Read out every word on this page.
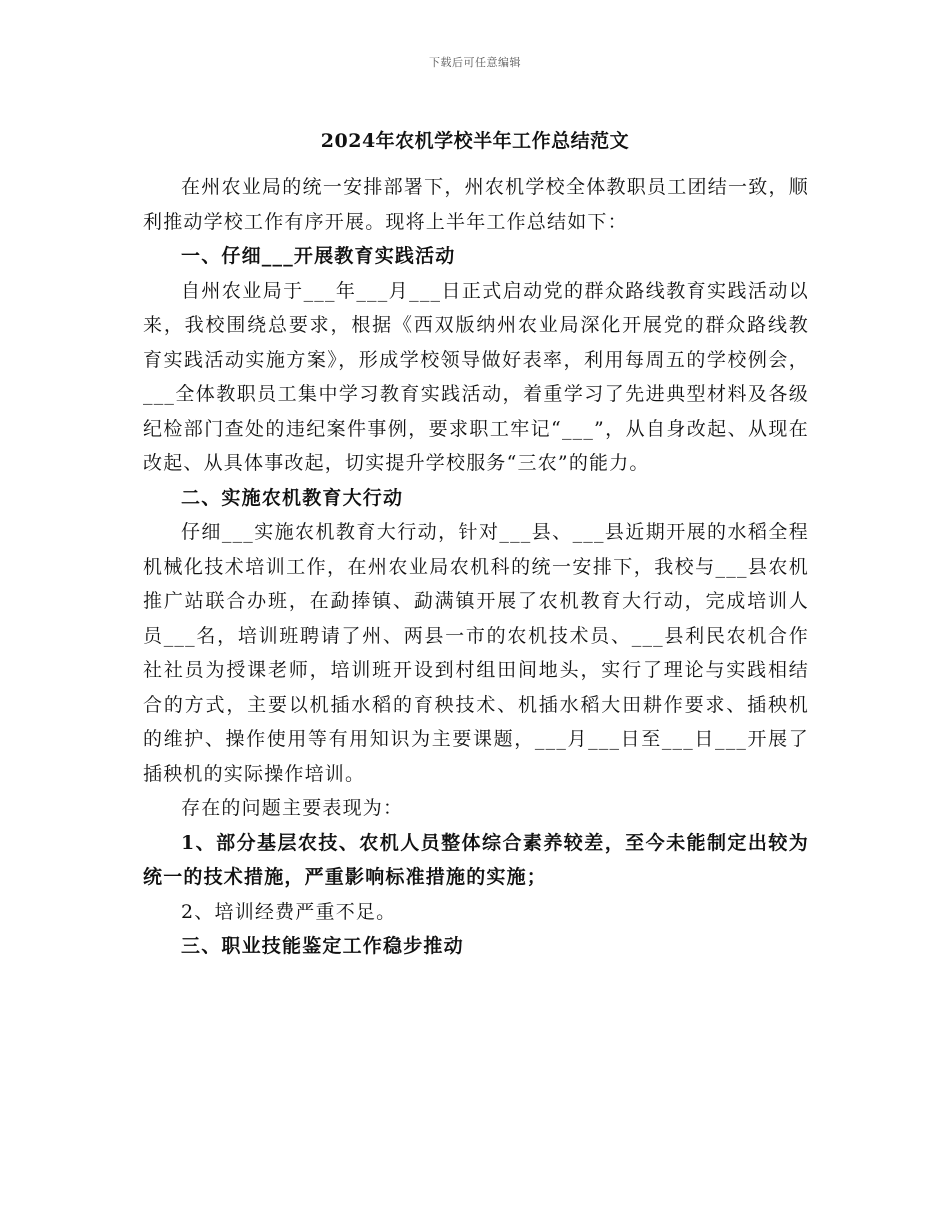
下载后可任意编辑
2024年农机学校半年工作总结范文

在州农业局的统一安排部署下，州农机学校全体教职员工团结一致，顺利推动学校工作有序开展。现将上半年工作总结如下：

一、仔细___开展教育实践活动

自州农业局于___年___月___日正式启动党的群众路线教育实践活动以来，我校围绕总要求，根据《西双版纳州农业局深化开展党的群众路线教育实践活动实施方案》，形成学校领导做好表率，利用每周五的学校例会，___全体教职员工集中学习教育实践活动，着重学习了先进典型材料及各级纪检部门查处的违纪案件事例，要求职工牢记“___”，从自身改起、从现在改起、从具体事改起，切实提升学校服务“三农”的能力。

二、实施农机教育大行动

仔细___实施农机教育大行动，针对___县、___县近期开展的水稻全程机械化技术培训工作，在州农业局农机科的统一安排下，我校与___县农机推广站联合办班，在勐捧镇、勐满镇开展了农机教育大行动，完成培训人员___名，培训班聘请了州、两县一市的农机技术员、___县利民农机合作社社员为授课老师，培训班开设到村组田间地头，实行了理论与实践相结合的方式，主要以机插水稻的育秧技术、机插水稻大田耕作要求、插秧机的维护、操作使用等有用知识为主要课题，___月___日至___日___开展了插秧机的实际操作培训。

存在的问题主要表现为：

1、部分基层农技、农机人员整体综合素养较差，至今未能制定出较为统一的技术措施，严重影响标准措施的实施；

2、培训经费严重不足。

三、职业技能鉴定工作稳步推动
